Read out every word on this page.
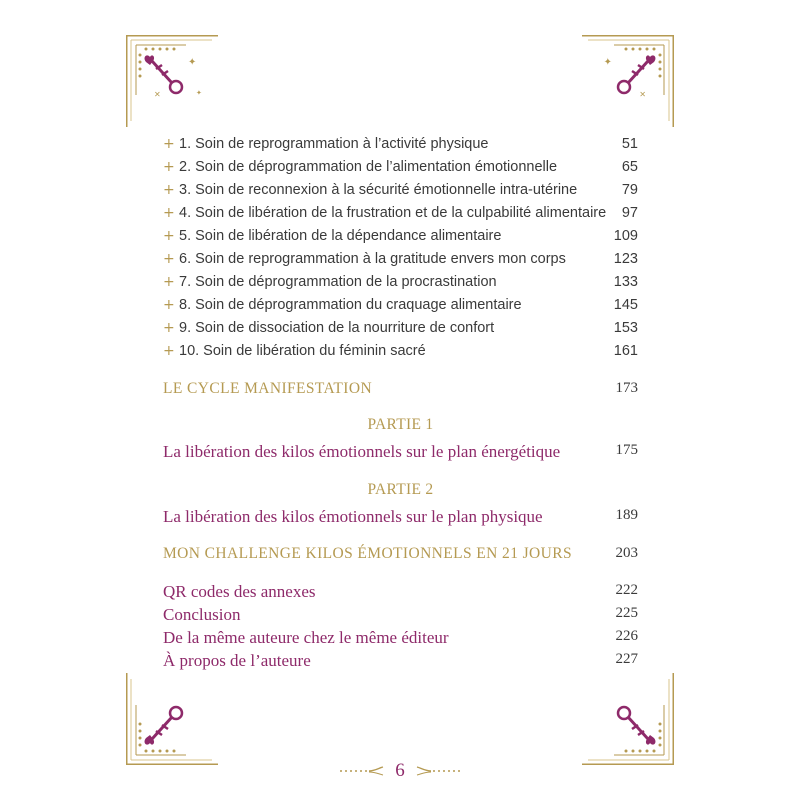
✦
✕	✦
✦
✕
+ 1. Soin de reprogrammation à l’activité physique	51
+ 2. Soin de déprogrammation de l’alimentation émotionnelle	65
+ 3. Soin de reconnexion à la sécurité émotionnelle intra-utérine	79
+ 4. Soin de libération de la frustration et de la culpabilité alimentaire 97
+ 5. Soin de libération de la dépendance alimentaire	109
+ 6. Soin de reprogrammation à la gratitude envers mon corps	123
+ 7. Soin de déprogrammation de la procrastination	133
+ 8. Soin de déprogrammation du craquage alimentaire	145
+ 9. Soin de dissociation de la nourriture de confort	153
+ 10. Soin de libération du féminin sacré	161
LE CYCLE MANIFESTATION	173
PARTIE 1
La libération des kilos émotionnels sur le plan énergétique	175
PARTIE 2
La libération des kilos émotionnels sur le plan physique	189
MON CHALLENGE KILOS ÉMOTIONNELS EN 21 JOURS	203
QR codes des annexes	222
Conclusion	225
De la même auteure chez le même éditeur	226
À propos de l’auteure	227
6
